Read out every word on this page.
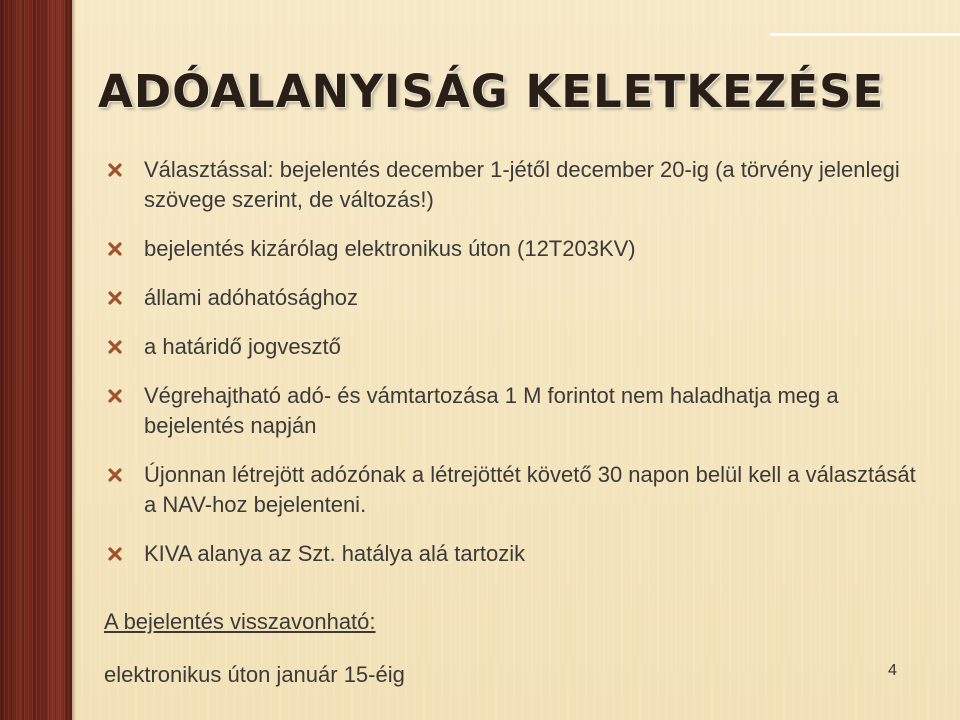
ADÓALANYISÁG KELETKEZÉSE
Választással: bejelentés december 1-jétől december 20-ig (a törvény jelenlegi szövege szerint, de változás!)
bejelentés kizárólag elektronikus úton (12T203KV)
állami adóhatósághoz
a határidő jogvesztő
Végrehajtható adó- és vámtartozása 1 M forintot nem haladhatja meg a bejelentés napján
Újonnan létrejött adózónak a létrejöttét követő 30 napon belül kell a választását a NAV-hoz bejelenteni.
KIVA alanya az Szt. hatálya alá tartozik
A bejelentés visszavonható:
elektronikus úton január 15-éig	4
